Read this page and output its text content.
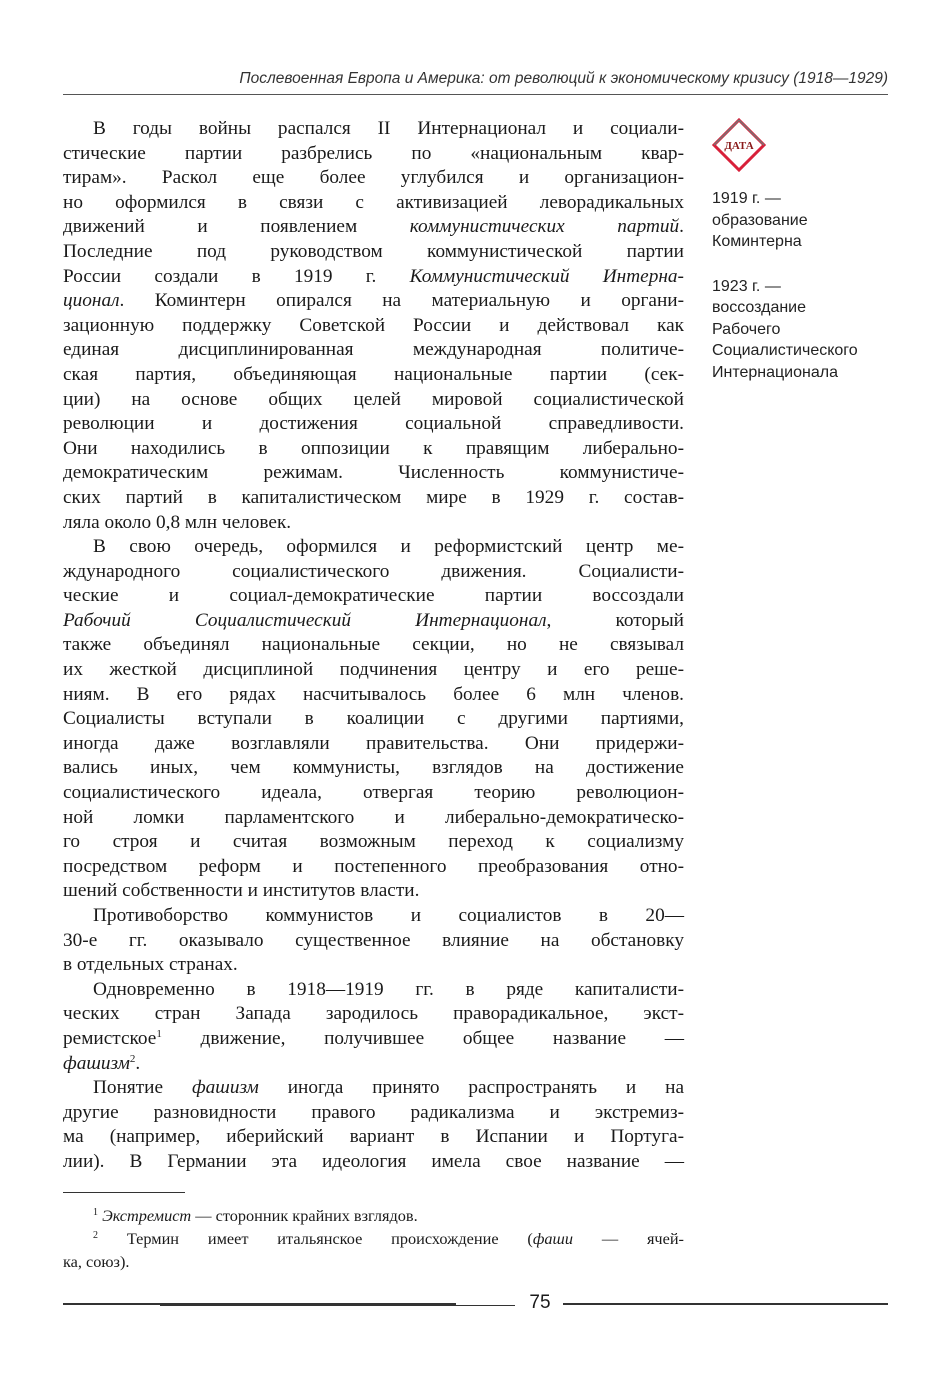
Послевоенная Европа и Америка: от революций к экономическому кризису (1918—1929)
В годы войны распался II Интернационал и социали-
стические партии разбрелись по «национальным квар-
тирам». Раскол еще более углубился и организацион-
но оформился в связи с активизацией леворадикальных
движений и появлением коммунистических партий.
Последние под руководством коммунистической партии
России создали в 1919 г. Коммунистический Интерна-
ционал. Коминтерн опирался на материальную и органи-
зационную поддержку Советской России и действовал как
единая дисциплинированная международная политиче-
ская партия, объединяющая национальные партии (сек-
ции) на основе общих целей мировой социалистической
революции и достижения социальной справедливости.
Они находились в оппозиции к правящим либерально-
демократическим режимам. Численность коммунистиче-
ских партий в капиталистическом мире в 1929 г. состав-
ляла около 0,8 млн человек.
В свою очередь, оформился и реформистский центр ме-
ждународного социалистического движения. Социалисти-
ческие и социал-демократические партии воссоздали
Рабочий Социалистический Интернационал, который
также объединял национальные секции, но не связывал
их жесткой дисциплиной подчинения центру и его реше-
ниям. В его рядах насчитывалось более 6 млн членов.
Социалисты вступали в коалиции с другими партиями,
иногда даже возглавляли правительства. Они придержи-
вались иных, чем коммунисты, взглядов на достижение
социалистического идеала, отвергая теорию революцион-
ной ломки парламентского и либерально-демократическо-
го строя и считая возможным переход к социализму
посредством реформ и постепенного преобразования отно-
шений собственности и институтов власти.
Противоборство коммунистов и социалистов в 20—
30-е гг. оказывало существенное влияние на обстановку
в отдельных странах.
Одновременно в 1918—1919 гг. в ряде капиталисти-
ческих стран Запада зародилось праворадикальное, экст-
ремистское$^1$ движение, получившее общее название —
фашизм$^2$.
Понятие фашизм иногда принято распространять и на
другие разновидности правого радикализма и экстремиз-
ма (например, иберийский вариант в Испании и Португа-
лии). В Германии эта идеология имела свое название —
ДАТА
1919 г. —
образование
Коминтерна
1923 г. —
воссоздание
Рабочего
Социалистического
Интернационала
$^1$ Экстремист — сторонник крайних взглядов.
$^2$ Термин имеет итальянское происхождение (фаши — ячей-
ка, союз).
75
